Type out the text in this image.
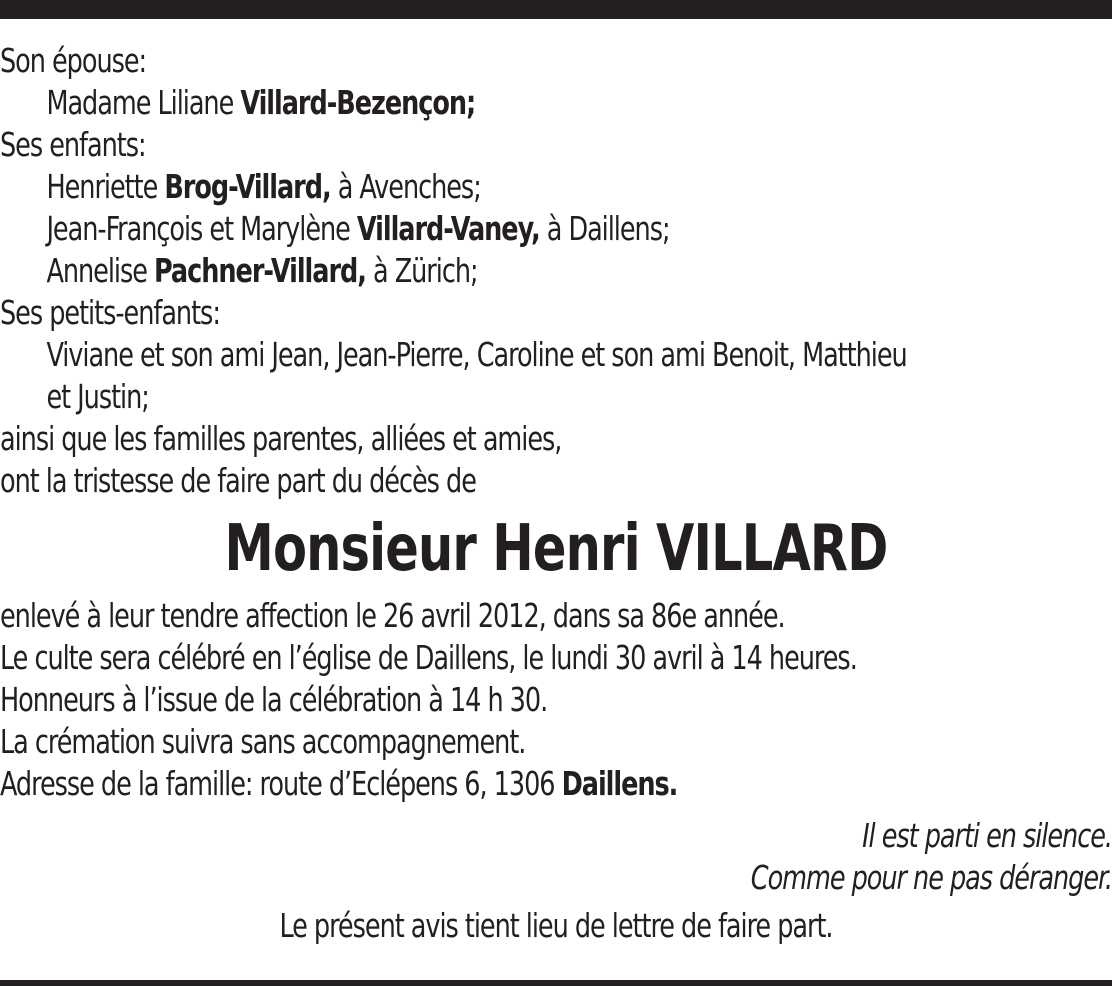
Son épouse:
Madame Liliane Villard-Bezençon;
Ses enfants:
Henriette Brog-Villard, à Avenches;
Jean-François et Marylène Villard-Vaney, à Daillens;
Annelise Pachner-Villard, à Zürich;
Ses petits-enfants:
Viviane et son ami Jean, Jean-Pierre, Caroline et son ami Benoit, Matthieu
et Justin;
ainsi que les familles parentes, alliées et amies,
ont la tristesse de faire part du décès de
Monsieur Henri VILLARD
enlevé à leur tendre affection le 26 avril 2012, dans sa 86e année.
Le culte sera célébré en l’église de Daillens, le lundi 30 avril à 14 heures.
Honneurs à l’issue de la célébration à 14 h 30.
La crémation suivra sans accompagnement.
Adresse de la famille: route d’Eclépens 6, 1306 Daillens.
Il est parti en silence.
Comme pour ne pas déranger.
Le présent avis tient lieu de lettre de faire part.
